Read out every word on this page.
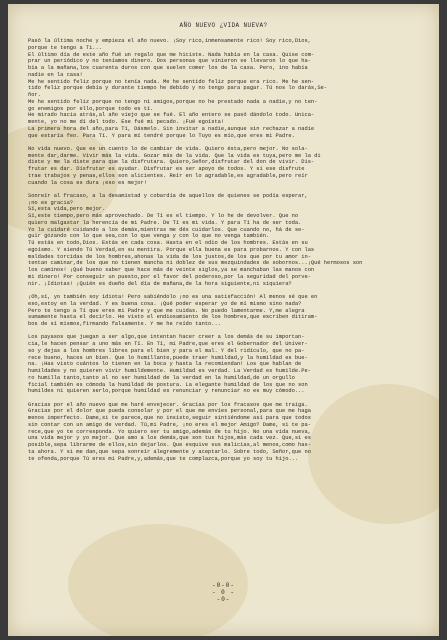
AÑO NUEVO ¿VIDA NUEVA?
Pasó la última noche y empieza el año nuevo. ¡Soy rico,inmensamente rico! Soy rico,Dios,
porque te tengo a Ti...
El último día de este año fué un regalo que me hiciste. Nada había en la casa. Quise com-
prar un periódico y no teníamos dinero. Dos personas que vinieron se llevaron lo que ha-
bía a la mañana,los cuarenta duros con que suelen comer los de la casa. Pero, ino había
nadie en la casa!
Me he sentido feliz porque no tenía nada. Me he sentido feliz porque era rico. Me he sen-
tido feliz porque debía y durante tiempo he debido y no tengo para pagar. Tú nos lo darás,Se-
ñor.
Me he sentido feliz porque no tengo ni amigos,porque no he prestado nada a nadie,y no ten-
go enemigos por ello,porque todo es tí.
He mirado hacia atrás,al año viejo que se fué. El año entero se pasó dándolo todo. Unica-
mente, yo no me dí del todo. Ese fué mi pecado. ¡Fué egoísta!
La primera hora del año,para Tí, Dásmelo. Sin invitar a nadie,aunque sin rechazar a nadie
que estaría feo. Para Tí. Y para mí tendré porque lo Tuyo es mío,que eres mi Padre.
No vida nuevo. Que es un cuento lo de cambiar de vida. Quiero ésta,pero mejor. No sola-
mente dar,darme. Vivir más la vida. Gozar más de la vida. Que la vida es tuya,pero me la di
diste y me la diste para que la disfrutara. Quiero,Señor,disfrutar del don de vivir. Dis-
frutar es dar. Disfrutar es ayudar. Disfrutar es ser apoyo de todos. Y si ese disfrute
trae trabajos y penas,ellos son alicientes. Reír en lo agradable,es agradable,pero reír
cuando la cosa es dura ¡eso es mejor!
Sonreír al fracaso, a la desamistad y cobardía de aquellos de quienes se podía esperar,
¡no es gracia?
Sí,esta vida,pero mejor.
Sí,este tiempo,pero más aprovechado. De Tí es el tiempo. Y lo he de devolver. Que no
quiero malgastar la herencia de mi Padre. De Tí es mi vida. Y para Tí ha de ser toda.
Yo la cuidaré cuidando a los demás,mientras me dés cuidarlos. Que cuando no, há de se-
guir gozando con lo que sea,con lo que venga y con lo que no venga también.
Tú estás en todo,Dios. Estás en cada cosa. Hasta en el odio de los hombres. Estás en su
egoísmo. Y siendo Tú Verdad,en su mentira. Porque ella buena es para probarnos. Y con las
maldades torcidas de los hombres,ahonas la vida de los justos,de los que por tu amor in-
tentan caminar,de los que no tienen mancha ni doblez de sus mezquindades de sobornos...¡Qué hermosos son
los caminos! ¡Qué bueno saber que hace más de veinte siglos,ya se manchaban las manos con
mi dinero! Por conseguir un puesto,por el favor del poderoso,por la seguridad del porve-
nir. ¡Idiotas! ¡Quién es dueño del día de mañana,de la hora siguiente,ni siquiera?
¡Oh,sí, yo también soy idiota! Pero sabiéndolo ¡no es una satisfacción! Al menos sé que en
eso,estoy en la verdad. Y es buena cosa. ¡Qué poder esperar yo de mí mismo sino nada?
Pero te tengo a Tí que eres mi Padre y que me cuidas. No puedo lamentarme. Y,me alegra
sumamente hasta el decirlo. He visto el endiosamiento de los hombres,que escriben ditiram-
bos de sí mismos,firmando falsamente. Y me he reído tanto...
Los payasos que juegan a ser algo,que intentan hacer creer a los demás de su importan-
cia,le hacen pensar a uno más en Tí. En Tí, mi Padre,que eres el Gobernador del Univer-
so y dejas a los hombres libres para el bien y para el mal. Y del ridículo, que no pa-
rece bueno, haces un bien. Que lo humillante,puede traer humildad,y la humildad es bue-
na. ¡Has visto cuántos lo tienen en la boca y hasta la recomiendan! Los que hablan de
humildades y no quieren vivir humildemente. Humildad es verdad. La Verdad es humilde.Pe-
ro humilla tanto,tanto al no ser humildad de la verdad en la humildad,de un orgullo
ficial también es cómoda la humildad de postura. La elegante humildad de los que no son
humildes ni quieren serlo,porque humildad es renunciar y renunciar no es muy cómodo...
Gracias por el año nuevo que me haré envejecer. Gracias por los fracasos que me traiga.
Gracias por el dolor que pueda consolar y por el que me envíes personal,para que me haga
menos imperfecto. Dame,si te parece,que no insisto,seguir sintiéndome así para que todos
sin contar con un amigo de verdad. Tú,mi Padre, ¡no eres el mejor Amigo? Dame, si te pa-
rece,que yo te corresponda. Yo quiero ser tu amigo,además de tu hijo. No una vida nueva,
una vida mejor y yo mejor. Que amo a los demás,que son tus hijos,más cada vez. Que,si es
posible,sepa librarme de ellos,sin dejarlos. Que esquive sus malicias,al menos,como has-
ta ahora. Y si me dan,que sepa sonreír alegremente y aceptarlo. Sobre todo, Señor,que no
te ofenda,porque Tú eres mi Padre,y,además,que te complazca,porque yo soy tu hijo...
-0-0-
- 0 -
-0-
